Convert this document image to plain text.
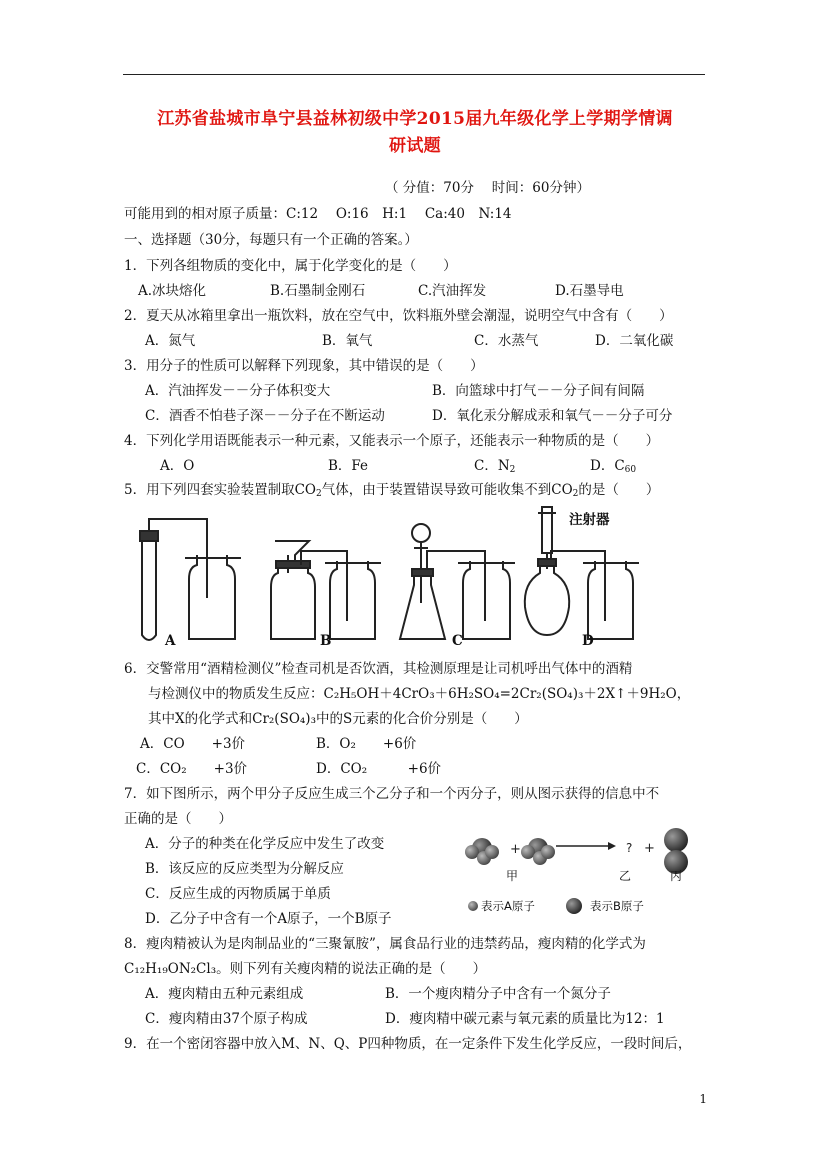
江苏省盐城市阜宁县益林初级中学2015届九年级化学上学期学情调
研试题
（ 分值：70分　 时间：60分钟）
可能用到的相对原子质量：C:12　 O:16　H:1　 Ca:40　N:14
一、选择题（30分，每题只有一个正确的答案。）
1．下列各组物质的变化中，属于化学变化的是（　　）
A.冰块熔化	B.石墨制金刚石	C.汽油挥发	D.石墨导电
2．夏天从冰箱里拿出一瓶饮料，放在空气中，饮料瓶外壁会潮湿，说明空气中含有（　　）
A．氮气	B．氧气	C．水蒸气	D．二氧化碳
3．用分子的性质可以解释下列现象，其中错误的是（　　）
A．汽油挥发－－分子体积变大	B．向篮球中打气－－分子间有间隔
C．酒香不怕巷子深－－分子在不断运动	D．氧化汞分解成汞和氧气－－分子可分
4．下列化学用语既能表示一种元素，又能表示一个原子，还能表示一种物质的是（　　）
A．O	B．Fe	C．$N_2$	D．$C_{60}$
5．用下列四套实验装置制取$CO_2$气体，由于装置错误导致可能收集不到$CO_2$的是（　　）
注射器
A	B	C	D
6．交警常用“酒精检测仪”检查司机是否饮酒，其检测原理是让司机呼出气体中的酒精
与检测仪中的物质发生反应：C₂H₅OH＋4CrO₃＋6H₂SO₄=2Cr₂(SO₄)₃＋2X↑＋9H₂O，
其中X的化学式和Cr₂(SO₄)₃中的S元素的化合价分别是（　　）
A．CO　　+3价	B．O₂　　+6价
C．CO₂　　+3价	D．CO₂　　　+6价
7．如下图所示，两个甲分子反应生成三个乙分子和一个丙分子，则从图示获得的信息中不
正确的是（　　）
A．分子的种类在化学反应中发生了改变
B．该反应的反应类型为分解反应
C．反应生成的丙物质属于单质
D．乙分子中含有一个A原子，一个B原子
+	? +
甲	乙	丙
表示A原子	表示B原子
8．瘦肉精被认为是肉制品业的“三聚氰胺”，属食品行业的违禁药品，瘦肉精的化学式为
C₁₂H₁₉ON₂Cl₃。则下列有关瘦肉精的说法正确的是（　　）
A．瘦肉精由五种元素组成	B．一个瘦肉精分子中含有一个氮分子
C．瘦肉精由37个原子构成	D．瘦肉精中碳元素与氧元素的质量比为12：1
9．在一个密闭容器中放入M、N、Q、P四种物质，在一定条件下发生化学反应，一段时间后，
1
